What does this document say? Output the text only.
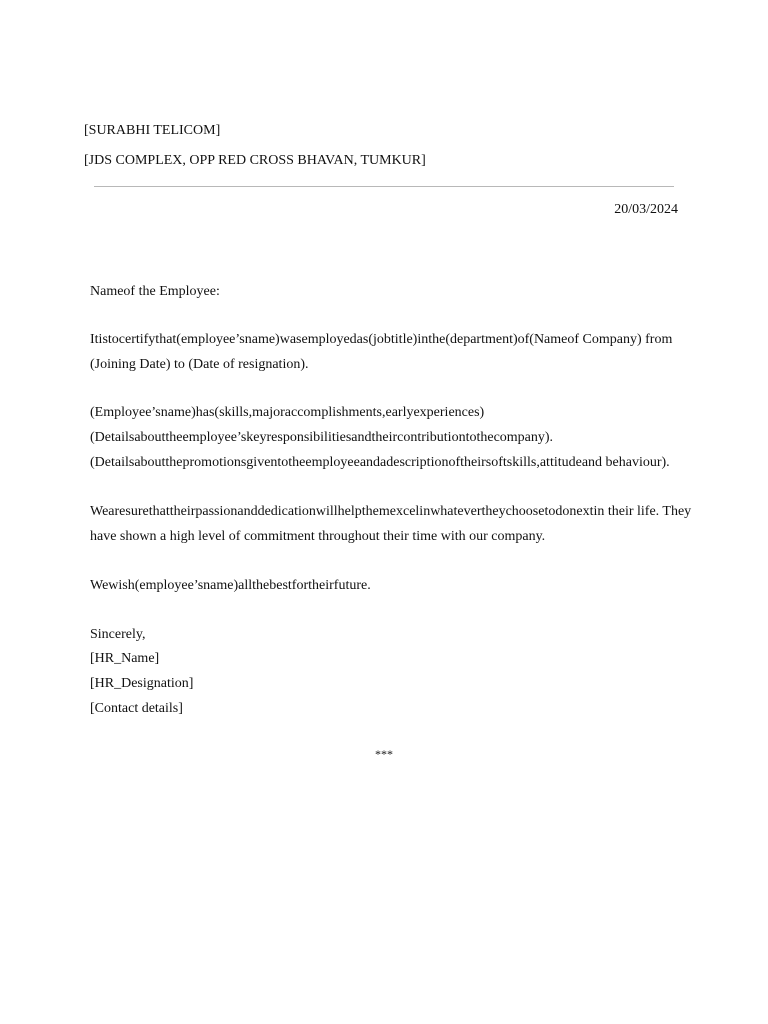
[SURABHI TELICOM]
[JDS COMPLEX, OPP RED CROSS BHAVAN, TUMKUR]
20/03/2024
Nameof the Employee:
Itistocertifythat(employee’sname)wasemployedas(jobtitle)inthe(department)of(Nameof Company) from
(Joining Date) to (Date of resignation).
(Employee’sname)has(skills,majoraccomplishments,earlyexperiences)
(Detailsabouttheemployee’skeyresponsibilitiesandtheircontributiontothecompany).
(Detailsaboutthepromotionsgiventotheemployeeandadescriptionoftheirsoftskills,attitudeand behaviour).
Wearesurethattheirpassionanddedicationwillhelpthemexcelinwhatevertheychoosetodonextin their life. They
have shown a high level of commitment throughout their time with our company.
Wewish(employee’sname)allthebestfortheirfuture.
Sincerely,
[HR_Name]
[HR_Designation]
[Contact details]
***
